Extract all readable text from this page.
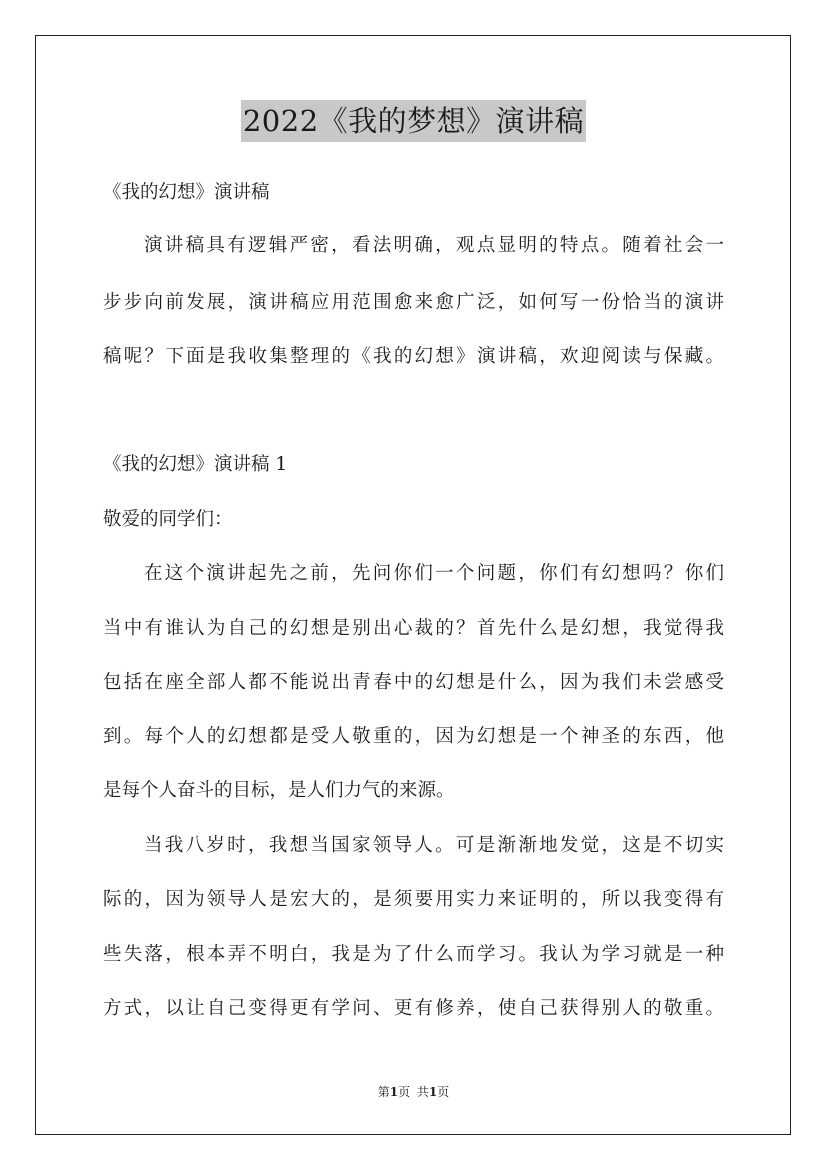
2022《我的梦想》演讲稿
《我的幻想》演讲稿
演讲稿具有逻辑严密，看法明确，观点显明的特点。随着社会一
步步向前发展，演讲稿应用范围愈来愈广泛，如何写一份恰当的演讲
稿呢？下面是我收集整理的《我的幻想》演讲稿，欢迎阅读与保藏。
《我的幻想》演讲稿 1
敬爱的同学们：
在这个演讲起先之前，先问你们一个问题，你们有幻想吗？你们
当中有谁认为自己的幻想是别出心裁的？首先什么是幻想，我觉得我
包括在座全部人都不能说出青春中的幻想是什么，因为我们未尝感受
到。每个人的幻想都是受人敬重的，因为幻想是一个神圣的东西，他
是每个人奋斗的目标，是人们力气的来源。
当我八岁时，我想当国家领导人。可是渐渐地发觉，这是不切实
际的，因为领导人是宏大的，是须要用实力来证明的，所以我变得有
些失落，根本弄不明白，我是为了什么而学习。我认为学习就是一种
方式，以让自己变得更有学问、更有修养，使自己获得别人的敬重。
第1页 共1页
